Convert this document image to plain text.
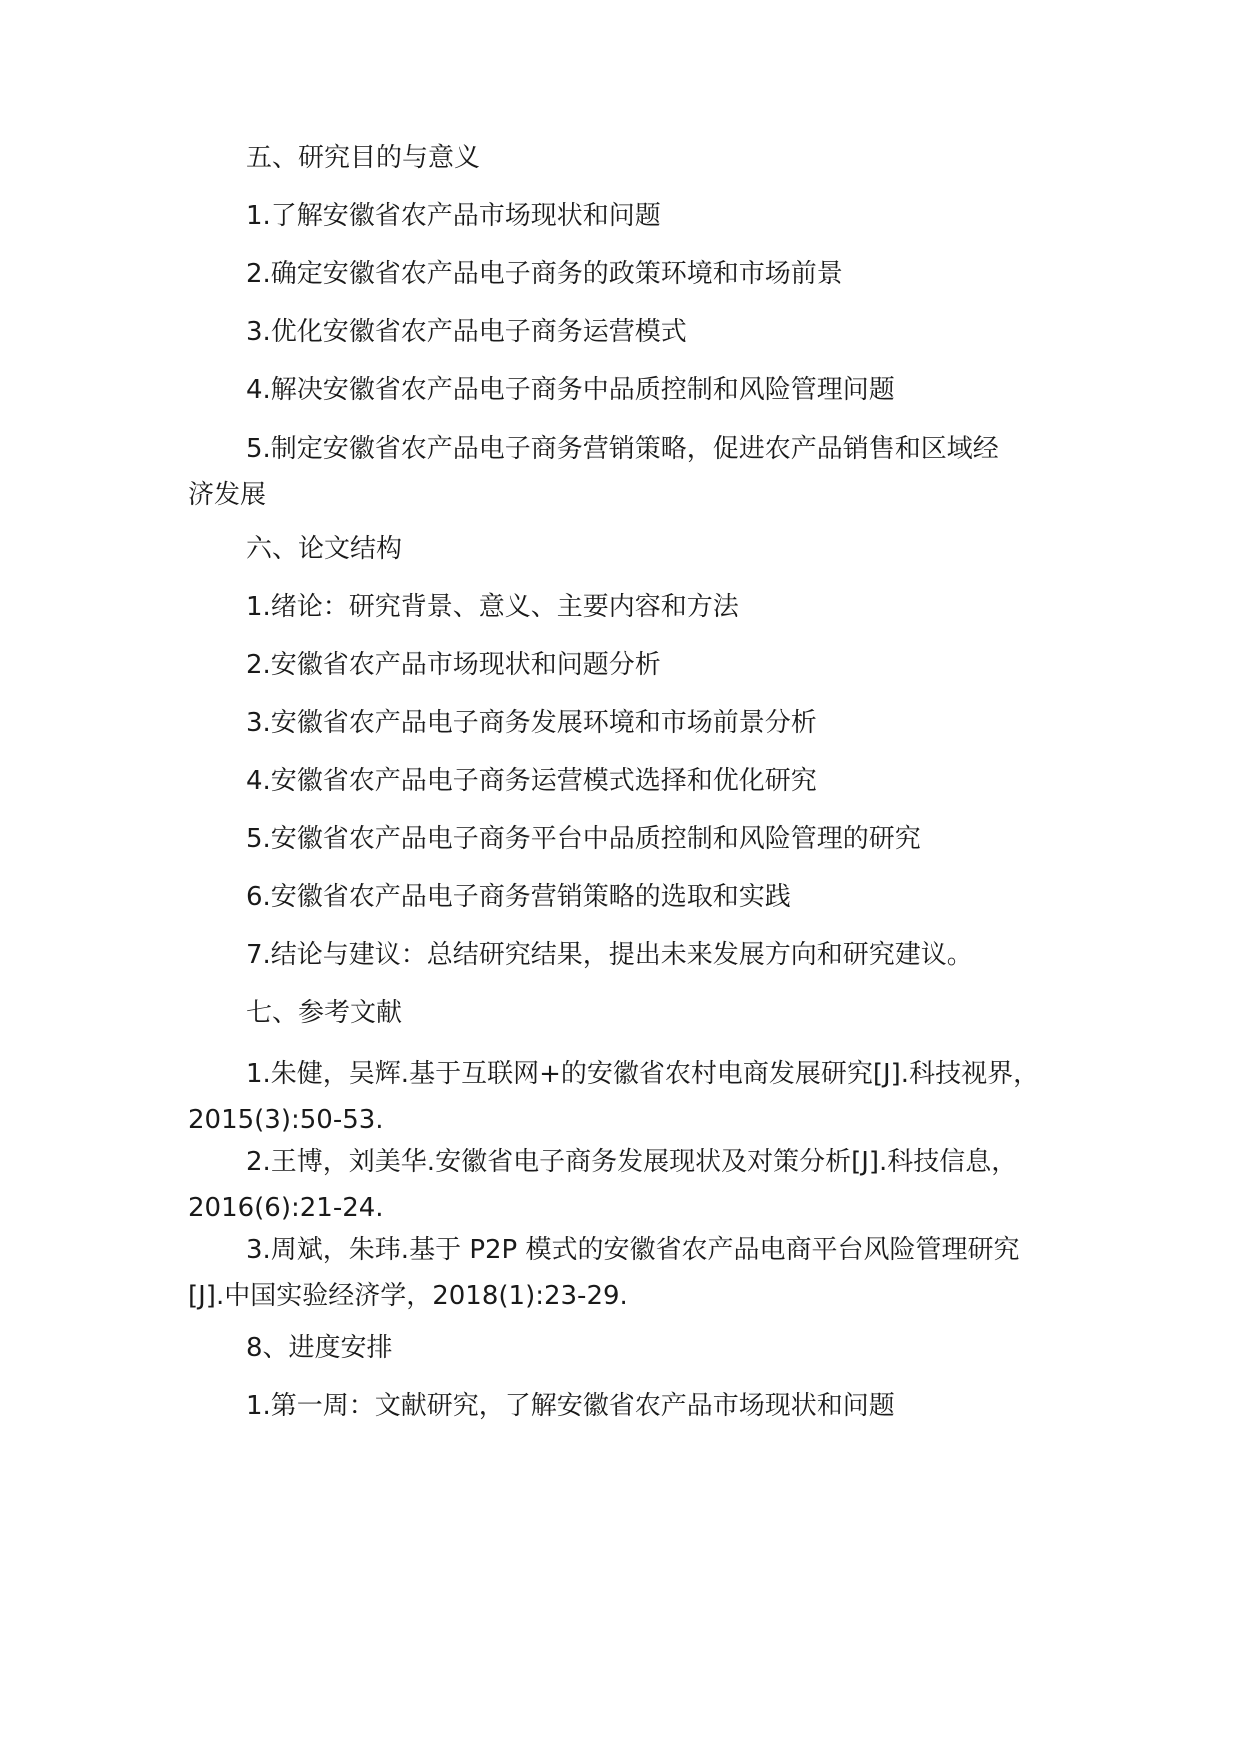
五、研究目的与意义

1.了解安徽省农产品市场现状和问题

2.确定安徽省农产品电子商务的政策环境和市场前景

3.优化安徽省农产品电子商务运营模式

4.解决安徽省农产品电子商务中品质控制和风险管理问题

5.制定安徽省农产品电子商务营销策略，促进农产品销售和区域经
济发展

六、论文结构

1.绪论：研究背景、意义、主要内容和方法

2.安徽省农产品市场现状和问题分析

3.安徽省农产品电子商务发展环境和市场前景分析

4.安徽省农产品电子商务运营模式选择和优化研究

5.安徽省农产品电子商务平台中品质控制和风险管理的研究

6.安徽省农产品电子商务营销策略的选取和实践

7.结论与建议：总结研究结果，提出未来发展方向和研究建议。

七、参考文献

1.朱健，吴辉.基于互联网+的安徽省农村电商发展研究[J].科技视界，
2015(3):50-53.

2.王博，刘美华.安徽省电子商务发展现状及对策分析[J].科技信息，
2016(6):21-24.

3.周斌，朱玮.基于 P2P 模式的安徽省农产品电商平台风险管理研究
[J].中国实验经济学，2018(1):23-29.

8、进度安排

1.第一周：文献研究，了解安徽省农产品市场现状和问题
